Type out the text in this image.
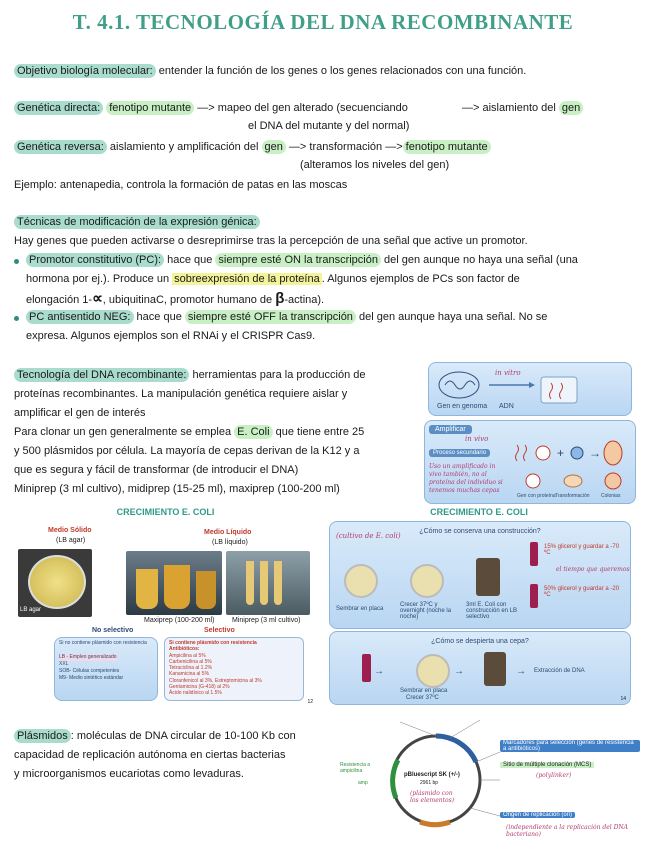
T. 4.1. TECNOLOGÍA DEL DNA RECOMBINANTE
Objetivo biología molecular: entender la función de los genes o los genes relacionados con una función.
Genética directa: fenotipo mutante —> mapeo del gen alterado (secuenciando	—> aislamiento del gen
el DNA del mutante y del normal)
Genética reversa: aislamiento y amplificación del gen —> transformación —> fenotipo mutante
(alteramos los niveles del gen)
Ejemplo: antenapedia, controla la formación de patas en las moscas
Técnicas de modificación de la expresión génica:
Hay genes que pueden activarse o desreprimirse tras la percepción de una señal que active un promotor.
Promotor constitutivo (PC): hace que siempre esté ON la transcripción del gen aunque no haya una señal (una
hormona por ej.). Produce un sobreexpresión de la proteína . Algunos ejemplos de PCs son factor de
elongación 1-∝, ubiquitinaC, promotor humano de β-actina).
PC antisentido NEG: hace que siempre esté OFF la transcripción del gen aunque haya una señal. No se
expresa. Algunos ejemplos son el RNAi y el CRISPR Cas9.
Tecnología del DNA recombinante: herramientas para la producción de
proteínas recombinantes. La manipulación genética requiere aislar y
amplificar el gen de interés
Para clonar un gen generalmente se emplea E. Coli que tiene entre 25
y 500 plásmidos por célula. La mayoría de cepas derivan de la K12 y a
que es segura y fácil de transformar (de introducir el DNA)
Miniprep (3 ml cultivo), midiprep (15-25 ml), maxiprep (100-200 ml)
in vitro
Gen en genoma ADN
Amplificar
in vivo
Proceso secundario
Uso un amplificado in vivo también, no al proteína del individuo si tenemos muchas cepas
+ →
Gen con proteína Transformación Colonias
CRECIMIENTO E. COLI
Medio Sólido
(LB agar)
Medio Líquido
(LB líquido)
LB agar
Maxiprep (100-200 ml)	Miniprep (3 ml cultivo)
No selectivo	Selectivo
Si no contiene plásmido con resistencia
LB - Empleo generalizado
XXL
SOB- Células competentes
M9- Medio sintético estándar
Si contiene plásmido con resistencia
Antibióticos:
Ampicilina al 5%
Carbenicilina al 5%
Tetraciclina al 1.2%
Kanamicina al 5%
Cloranfenicol al 3%, Estreptomicina al 3%
Gentamicina (G-418) al 2%
Ácido nalidíxico al 1.5%
12
CRECIMIENTO E. COLI
¿Cómo se conserva una construcción?
(cultivo de E. coli)
15% glicerol y guardar a -70 ºC
el tiempo que queremos
50% glicerol y guardar a -20 ºC
Sembrar en placa
Crecer 37ºC y overnight (noche la noche)
3ml E. Coli con construcción en LB selectivo
¿Cómo se despierta una cepa?
→	→	→
Sembrar en placa
Crecer 37ºC
Extracción de DNA
14
Plásmidos : moléculas de DNA circular de 10-100 Kb con
capacidad de replicación autónoma en ciertas bacterias
y microorganismos eucariotas como levaduras.	pBluescript SK (+/-)
2961 bp
(plásmido con los elementos)
Resistencia a ampicilina
amp
Marcadores para selección (genes de resistencia a antibióticos)
Sitio de múltiple clonación (MCS)
(polylinker)
Origen de replicación (ori)
(independiente a la replicación del DNA bacteriano)
